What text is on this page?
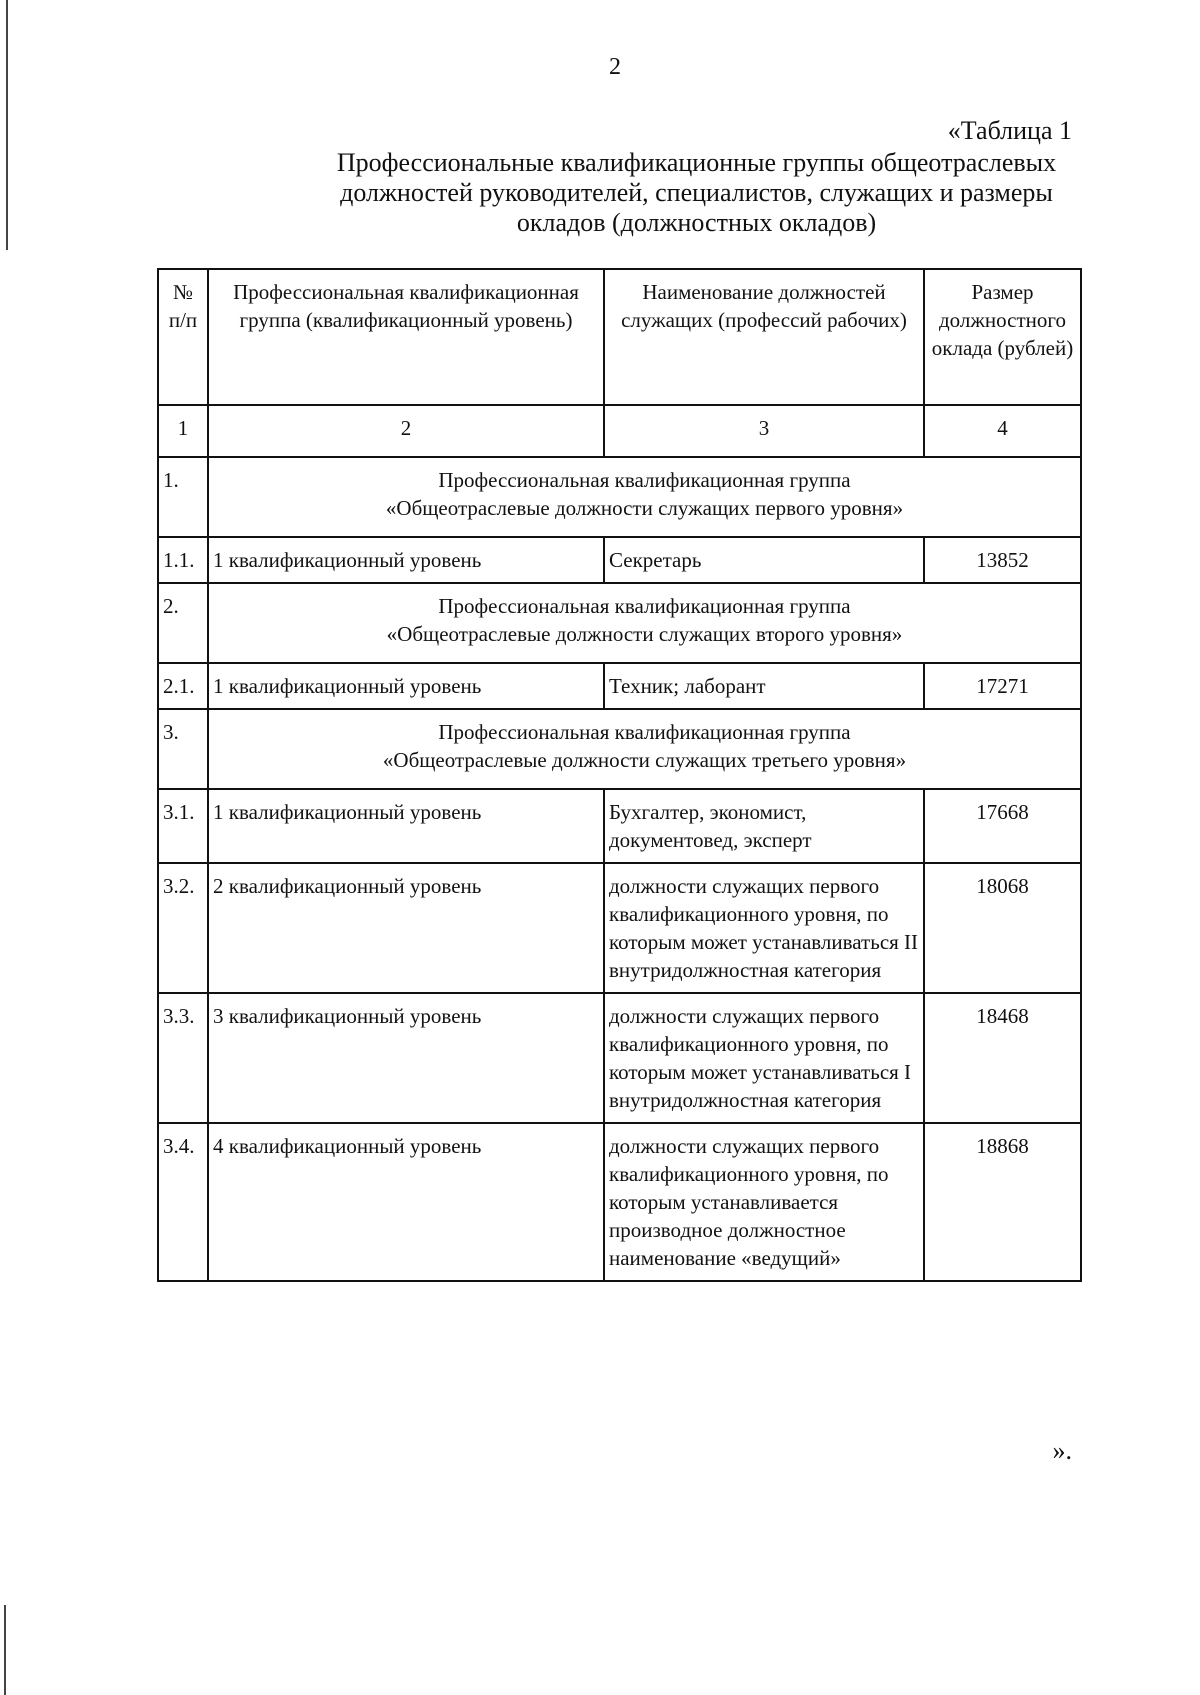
2
«Таблица 1
Профессиональные квалификационные группы общеотраслевых
должностей руководителей, специалистов, служащих и размеры
окладов (должностных окладов)
№ п/п	Профессиональная квалификационная группа (квалификационный уровень)	Наименование должностей служащих (профессий рабочих)	Размер должностного оклада (рублей)
1	2	3	4
1.	Профессиональная квалификационная группа
«Общеотраслевые должности служащих первого уровня»		

1.1.	1 квалификационный уровень	Секретарь	13852
2.	Профессиональная квалификационная группа
«Общеотраслевые должности служащих второго уровня»		

2.1.	1 квалификационный уровень	Техник; лаборант	17271
3.	Профессиональная квалификационная группа
«Общеотраслевые должности служащих третьего уровня»		

3.1.	1 квалификационный уровень	Бухгалтер, экономист, документовед, эксперт	17668
3.2.	2 квалификационный уровень	должности служащих первого квалификационного уровня, по которым может устанавливаться II внутридолжностная категория	18068
3.3.	3 квалификационный уровень	должности служащих первого квалификационного уровня, по которым может устанавливаться I внутридолжностная категория	18468
3.4.	4 квалификационный уровень	должности служащих первого квалификационного уровня, по которым устанавливается производное должностное наименование «ведущий»	18868
».
